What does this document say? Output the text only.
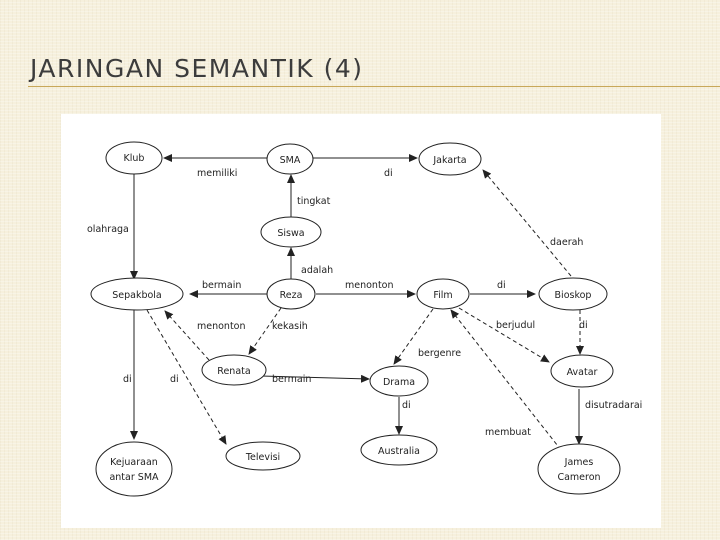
JARINGAN SEMANTIK (4)
Klub	SMA	Jakarta
Siswa
Sepakbola	Reza	Film	Bioskop
Renata
Drama
Avatar
Kejuaraan
antar SMA
Televisi
Australia
James
Cameron
memiliki	di
tingkat
olahraga
daerah
adalah
bermain	menonton	di
menonton	kekasih	berjudul	di
bergenre
di	di	bermain
di	disutradarai
membuat
